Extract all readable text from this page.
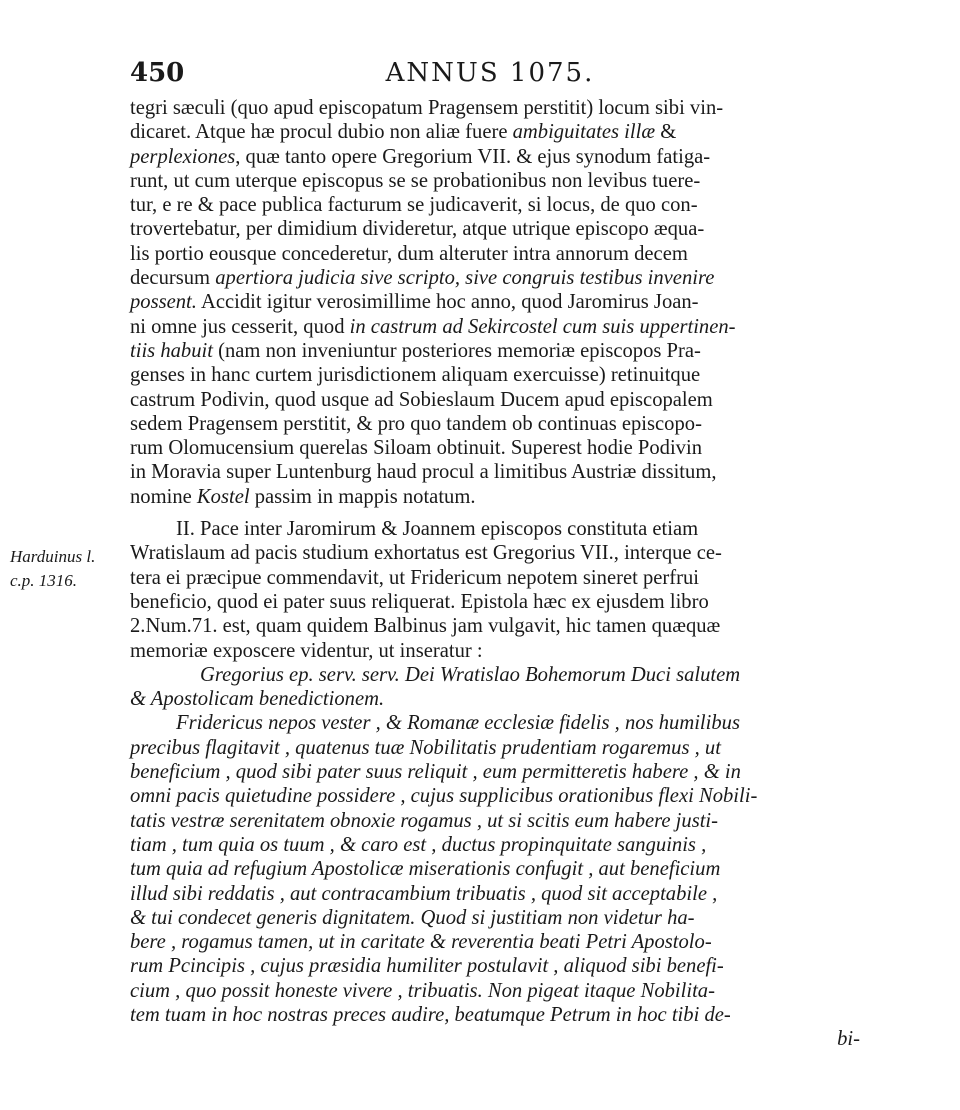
450	ANNUS 1075.
Harduinus l.
c.p. 1316.
tegri sæculi (quo apud episcopatum Pragensem perstitit) locum sibi vin-
dicaret. Atque hæ procul dubio non aliæ fuere ambiguitates illæ &
perplexiones, quæ tanto opere Gregorium VII. & ejus synodum fatiga-
runt, ut cum uterque episcopus se se probationibus non levibus tuere-
tur, e re & pace publica facturum se judicaverit, si locus, de quo con-
trovertebatur, per dimidium divideretur, atque utrique episcopo æqua-
lis portio eousque concederetur, dum alteruter intra annorum decem
decursum apertiora judicia sive scripto, sive congruis testibus invenire
possent. Accidit igitur verosimillime hoc anno, quod Jaromirus Joan-
ni omne jus cesserit, quod in castrum ad Sekircostel cum suis uppertinen-
tiis habuit (nam non inveniuntur posteriores memoriæ episcopos Pra-
genses in hanc curtem jurisdictionem aliquam exercuisse) retinuitque
castrum Podivin, quod usque ad Sobieslaum Ducem apud episcopalem
sedem Pragensem perstitit, & pro quo tandem ob continuas episcopo-
rum Olomucensium querelas Siloam obtinuit. Superest hodie Podivin
in Moravia super Luntenburg haud procul a limitibus Austriæ dissitum,
nomine Kostel passim in mappis notatum.
II. Pace inter Jaromirum & Joannem episcopos constituta etiam
Wratislaum ad pacis studium exhortatus est Gregorius VII., interque ce-
tera ei præcipue commendavit, ut Fridericum nepotem sineret perfrui
beneficio, quod ei pater suus reliquerat. Epistola hæc ex ejusdem libro
2.Num.71. est, quam quidem Balbinus jam vulgavit, hic tamen quæquæ
memoriæ exposcere videntur, ut inseratur :
Gregorius ep. serv. serv. Dei Wratislao Bohemorum Duci salutem
& Apostolicam benedictionem.
Fridericus nepos vester , & Romanæ ecclesiæ fidelis , nos humilibus
precibus flagitavit , quatenus tuæ Nobilitatis prudentiam rogaremus , ut
beneficium , quod sibi pater suus reliquit , eum permitteretis habere , & in
omni pacis quietudine possidere , cujus supplicibus orationibus flexi Nobili-
tatis vestræ serenitatem obnoxie rogamus , ut si scitis eum habere justi-
tiam , tum quia os tuum , & caro est , ductus propinquitate sanguinis ,
tum quia ad refugium Apostolicæ miserationis confugit , aut beneficium
illud sibi reddatis , aut contracambium tribuatis , quod sit acceptabile ,
& tui condecet generis dignitatem. Quod si justitiam non videtur ha-
bere , rogamus tamen, ut in caritate & reverentia beati Petri Apostolo-
rum Pcincipis , cujus præsidia humiliter postulavit , aliquod sibi benefi-
cium , quo possit honeste vivere , tribuatis. Non pigeat itaque Nobilita-
tem tuam in hoc nostras preces audire, beatumque Petrum in hoc tibi de-
bi-
